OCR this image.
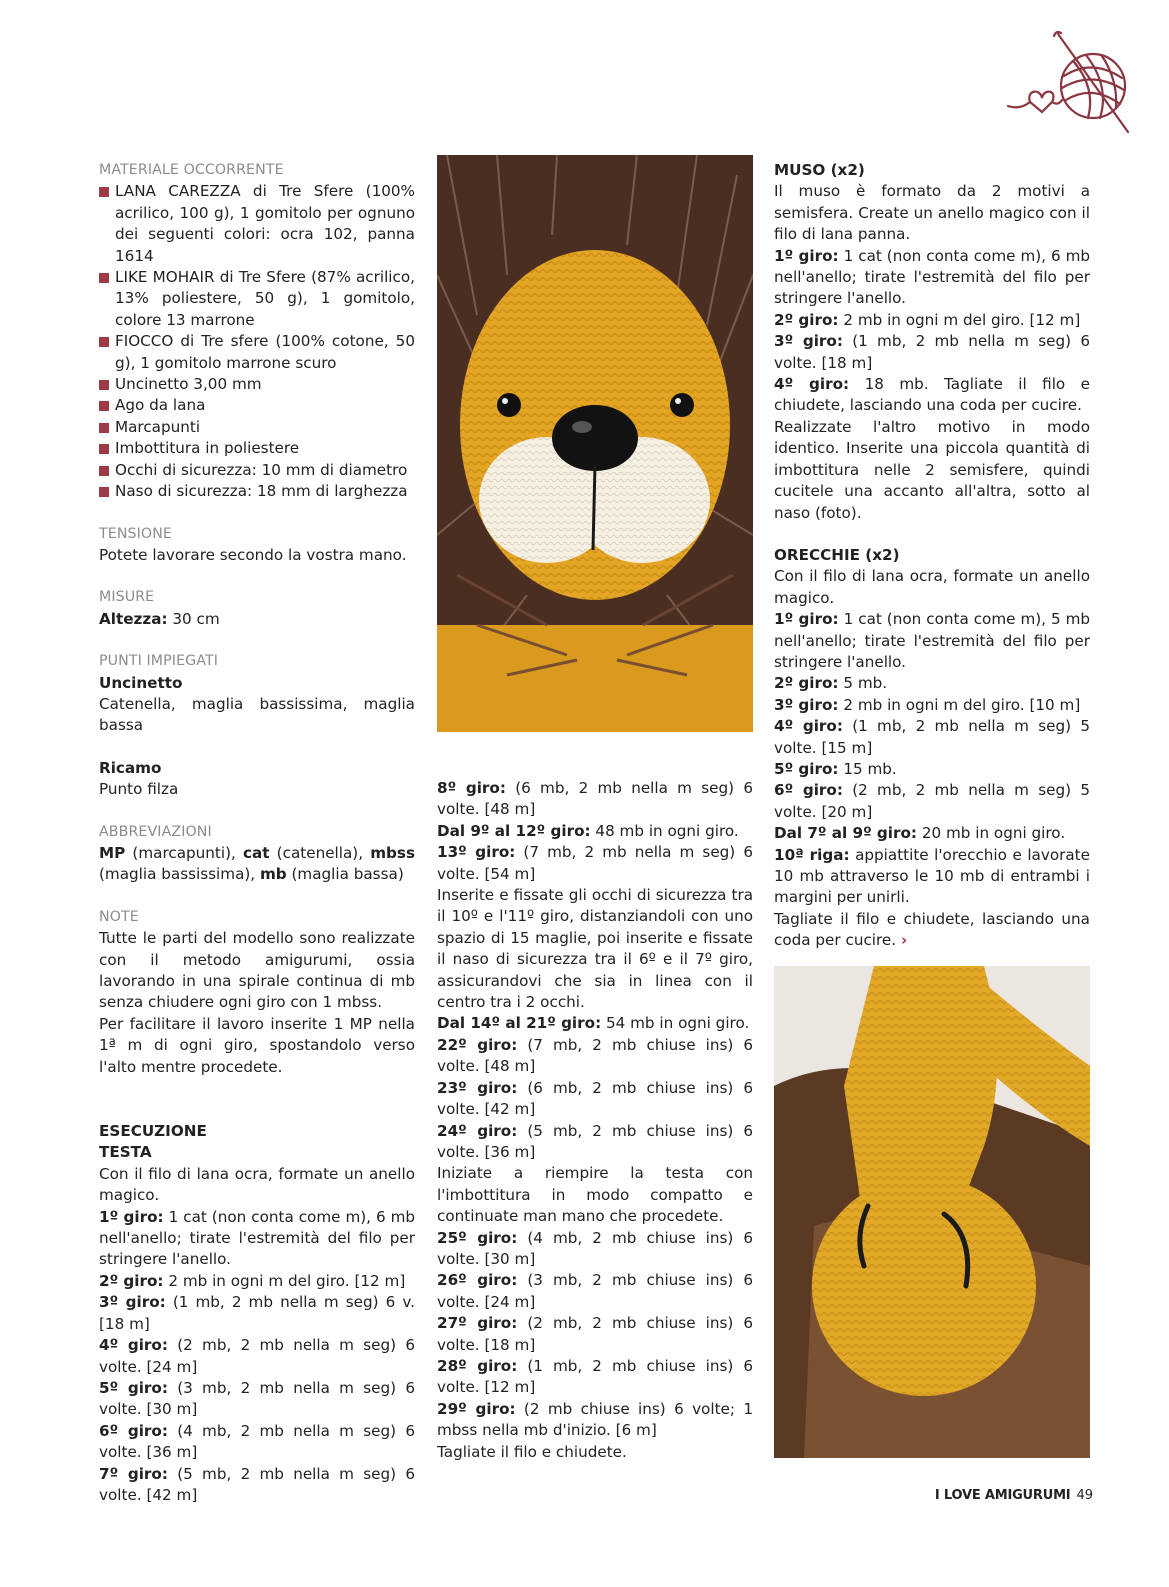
MATERIALE OCCORRENTE
LANA CAREZZA di Tre Sfere (100% acrilico, 100 g), 1 gomitolo per ognuno dei seguenti colori: ocra 102, panna 1614
LIKE MOHAIR di Tre Sfere (87% acrilico, 13% poliestere, 50 g), 1 gomitolo, colore 13 marrone
FIOCCO di Tre sfere (100% cotone, 50 g), 1 gomitolo marrone scuro
Uncinetto 3,00 mm
Ago da lana
Marcapunti
Imbottitura in poliestere
Occhi di sicurezza: 10 mm di diametro
Naso di sicurezza: 18 mm di larghezza
TENSIONE
Potete lavorare secondo la vostra mano.
MISURE
Altezza: 30 cm
PUNTI IMPIEGATI
Uncinetto
Catenella, maglia bassissima, maglia bassa
Ricamo
Punto filza
ABBREVIAZIONI
MP (marcapunti), cat (catenella), mbss (maglia bassissima), mb (maglia bassa)
NOTE
Tutte le parti del modello sono realizzate con il metodo amigurumi, ossia lavorando in una spirale continua di mb senza chiudere ogni giro con 1 mbss.
Per facilitare il lavoro inserite 1 MP nella 1ª m di ogni giro, spostandolo verso l'alto mentre procedete.
ESECUZIONE
TESTA
Con il filo di lana ocra, formate un anello magico.
1º giro: 1 cat (non conta come m), 6 mb nell'anello; tirate l'estremità del filo per stringere l'anello.
2º giro: 2 mb in ogni m del giro. [12 m]
3º giro: (1 mb, 2 mb nella m seg) 6 v. [18 m]
4º giro: (2 mb, 2 mb nella m seg) 6 volte. [24 m]
5º giro: (3 mb, 2 mb nella m seg) 6 volte. [30 m]
6º giro: (4 mb, 2 mb nella m seg) 6 volte. [36 m]
7º giro: (5 mb, 2 mb nella m seg) 6 volte. [42 m]
8º giro: (6 mb, 2 mb nella m seg) 6 volte. [48 m]
Dal 9º al 12º giro: 48 mb in ogni giro.
13º giro: (7 mb, 2 mb nella m seg) 6 volte. [54 m]
Inserite e fissate gli occhi di sicurezza tra il 10º e l'11º giro, distanziandoli con uno spazio di 15 maglie, poi inserite e fissate il naso di sicurezza tra il 6º e il 7º giro, assicurandovi che sia in linea con il centro tra i 2 occhi.
Dal 14º al 21º giro: 54 mb in ogni giro.
22º giro: (7 mb, 2 mb chiuse ins) 6 volte. [48 m]
23º giro: (6 mb, 2 mb chiuse ins) 6 volte. [42 m]
24º giro: (5 mb, 2 mb chiuse ins) 6 volte. [36 m]
Iniziate a riempire la testa con l'imbottitura in modo compatto e continuate man mano che procedete.
25º giro: (4 mb, 2 mb chiuse ins) 6 volte. [30 m]
26º giro: (3 mb, 2 mb chiuse ins) 6 volte. [24 m]
27º giro: (2 mb, 2 mb chiuse ins) 6 volte. [18 m]
28º giro: (1 mb, 2 mb chiuse ins) 6 volte. [12 m]
29º giro: (2 mb chiuse ins) 6 volte; 1 mbss nella mb d'inizio. [6 m]
Tagliate il filo e chiudete.
MUSO (x2)
Il muso è formato da 2 motivi a semisfera. Create un anello magico con il filo di lana panna.
1º giro: 1 cat (non conta come m), 6 mb nell'anello; tirate l'estremità del filo per stringere l'anello.
2º giro: 2 mb in ogni m del giro. [12 m]
3º giro: (1 mb, 2 mb nella m seg) 6 volte. [18 m]
4º giro: 18 mb. Tagliate il filo e chiudete, lasciando una coda per cucire.
Realizzate l'altro motivo in modo identico. Inserite una piccola quantità di imbottitura nelle 2 semisfere, quindi cucitele una accanto all'altra, sotto al naso (foto).
ORECCHIE (x2)
Con il filo di lana ocra, formate un anello magico.
1º giro: 1 cat (non conta come m), 5 mb nell'anello; tirate l'estremità del filo per stringere l'anello.
2º giro: 5 mb.
3º giro: 2 mb in ogni m del giro. [10 m]
4º giro: (1 mb, 2 mb nella m seg) 5 volte. [15 m]
5º giro: 15 mb.
6º giro: (2 mb, 2 mb nella m seg) 5 volte. [20 m]
Dal 7º al 9º giro: 20 mb in ogni giro.
10ª riga: appiattite l'orecchio e lavorate 10 mb attraverso le 10 mb di entrambi i margini per unirli.
Tagliate il filo e chiudete, lasciando una coda per cucire. ›
I LOVE AMIGURUMI 49
